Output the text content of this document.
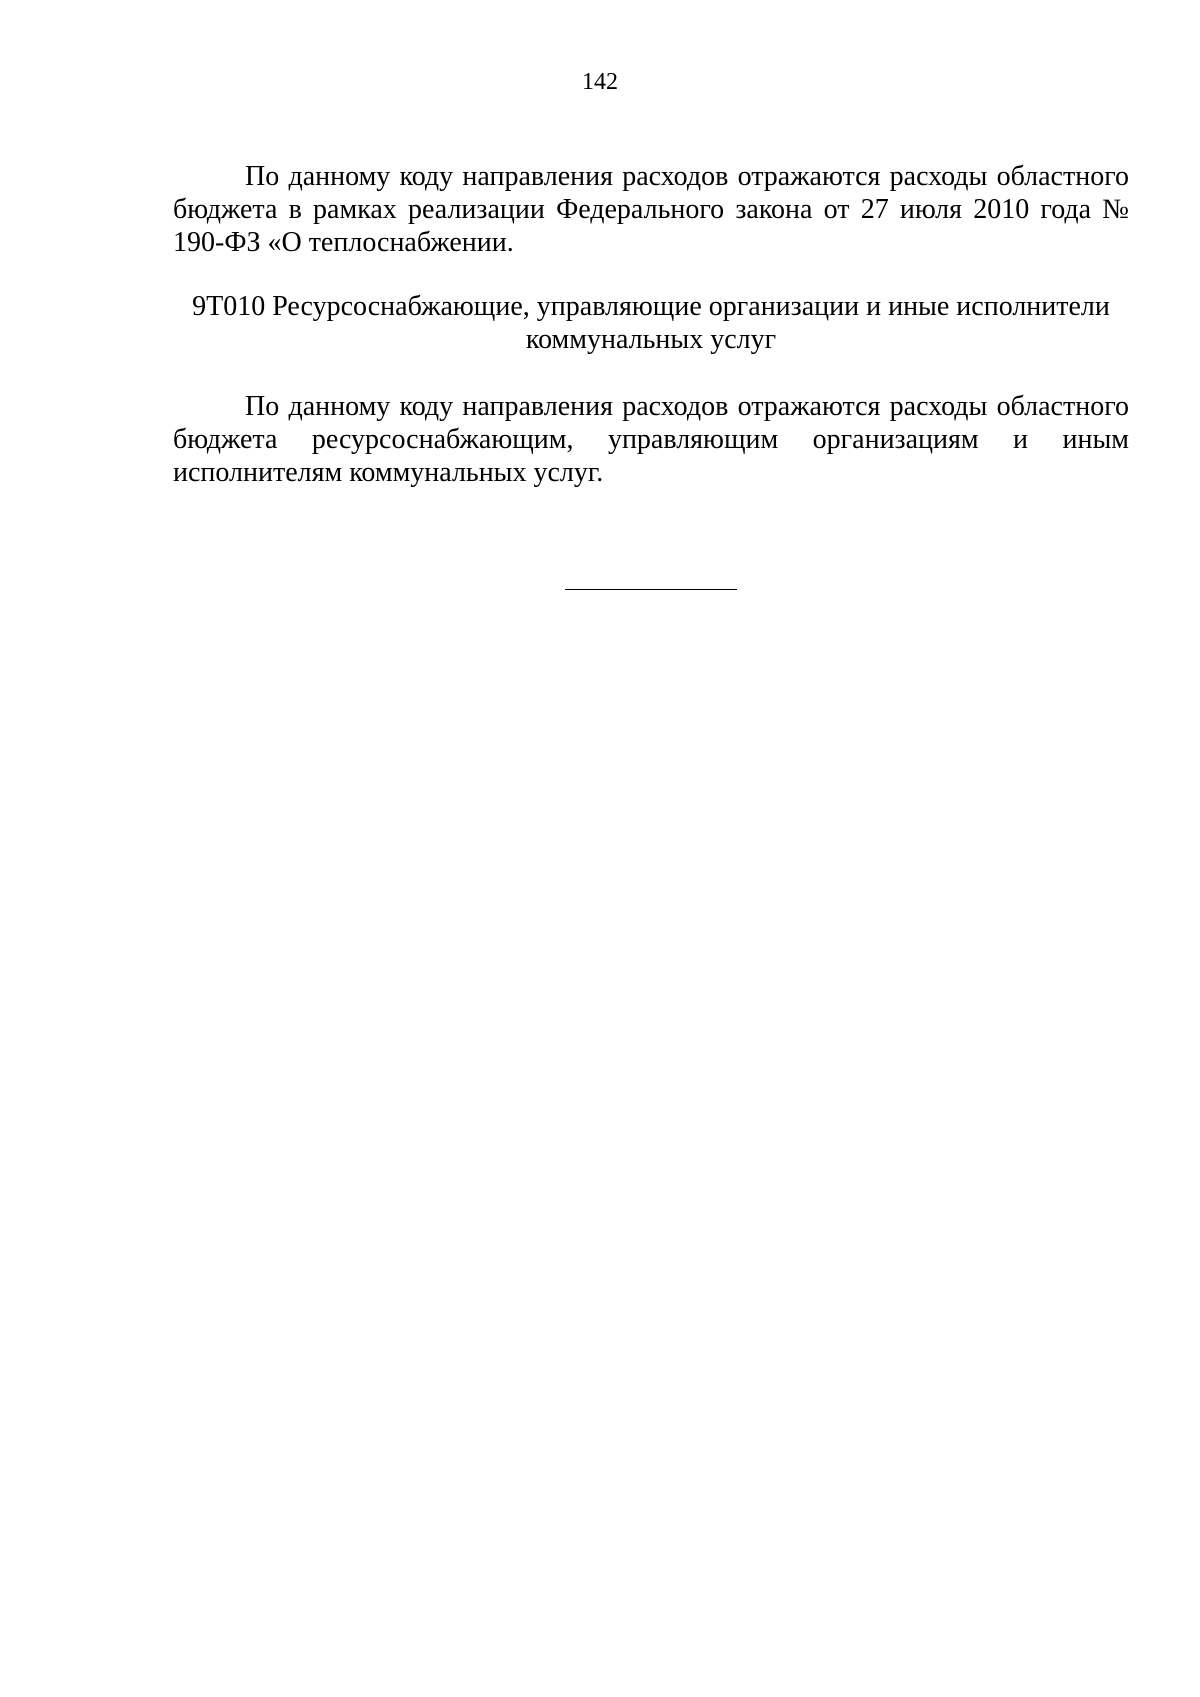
142

По данному коду направления расходов отражаются расходы областного бюджета в рамках реализации Федерального закона от 27 июля 2010 года № 190-ФЗ «О теплоснабжении.

9Т010 Ресурсоснабжающие, управляющие организации и иные исполнители
коммунальных услуг

По данному коду направления расходов отражаются расходы областного бюджета ресурсоснабжающим, управляющим организациям и иным исполнителям коммунальных услуг.
